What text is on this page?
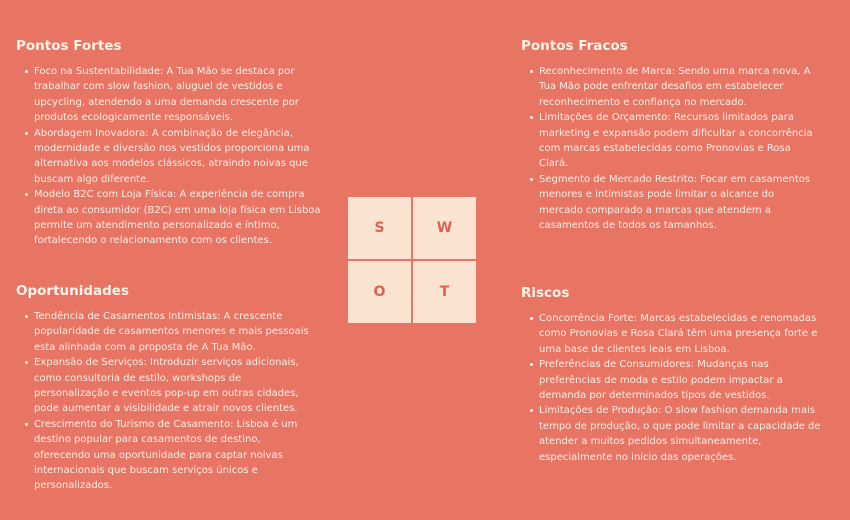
Pontos Fortes
Foco na Sustentabilidade: A Tua Mão se destaca por trabalhar com slow fashion, aluguel de vestidos e upcycling, atendendo a uma demanda crescente por produtos ecologicamente responsáveis.
Abordagem Inovadora: A combinação de elegância, modernidade e diversão nos vestidos proporciona uma alternativa aos modelos clássicos, atraindo noivas que buscam algo diferente.
Modelo B2C com Loja Física: A experiência de compra direta ao consumidor (B2C) em uma loja física em Lisboa permite um atendimento personalizado e íntimo, fortalecendo o relacionamento com os clientes.
Pontos Fracos
Reconhecimento de Marca: Sendo uma marca nova, A Tua Mão pode enfrentar desafios em estabelecer reconhecimento e confiança no mercado.
Limitações de Orçamento: Recursos limitados para marketing e expansão podem dificultar a concorrência com marcas estabelecidas como Pronovias e Rosa Clará.
Segmento de Mercado Restrito: Focar em casamentos menores e intimistas pode limitar o alcance do mercado comparado a marcas que atendem a casamentos de todos os tamanhos.
Oportunidades
Tendência de Casamentos Intimistas: A crescente popularidade de casamentos menores e mais pessoais esta alinhada com a proposta de A Tua Mão.
Expansão de Serviços: Introduzir serviços adicionais, como consultoria de estilo, workshops de personalização e eventos pop-up em outras cidades, pode aumentar a visibilidade e atrair novos clientes.
Crescimento do Turismo de Casamento: Lisboa é um destino popular para casamentos de destino, oferecendo uma oportunidade para captar noivas internacionais que buscam serviços únicos e personalizados.
Riscos
Concorrência Forte: Marcas estabelecidas e renomadas como Pronovias e Rosa Clará têm uma presença forte e uma base de clientes leais em Lisboa.
Preferências de Consumidores: Mudanças nas preferências de moda e estilo podem impactar a demanda por determinados tipos de vestidos.
Limitações de Produção: O slow fashion demanda mais tempo de produção, o que pode limitar a capacidade de atender a muitos pedidos simultaneamente, especialmente no início das operações.
S	W
O	T
